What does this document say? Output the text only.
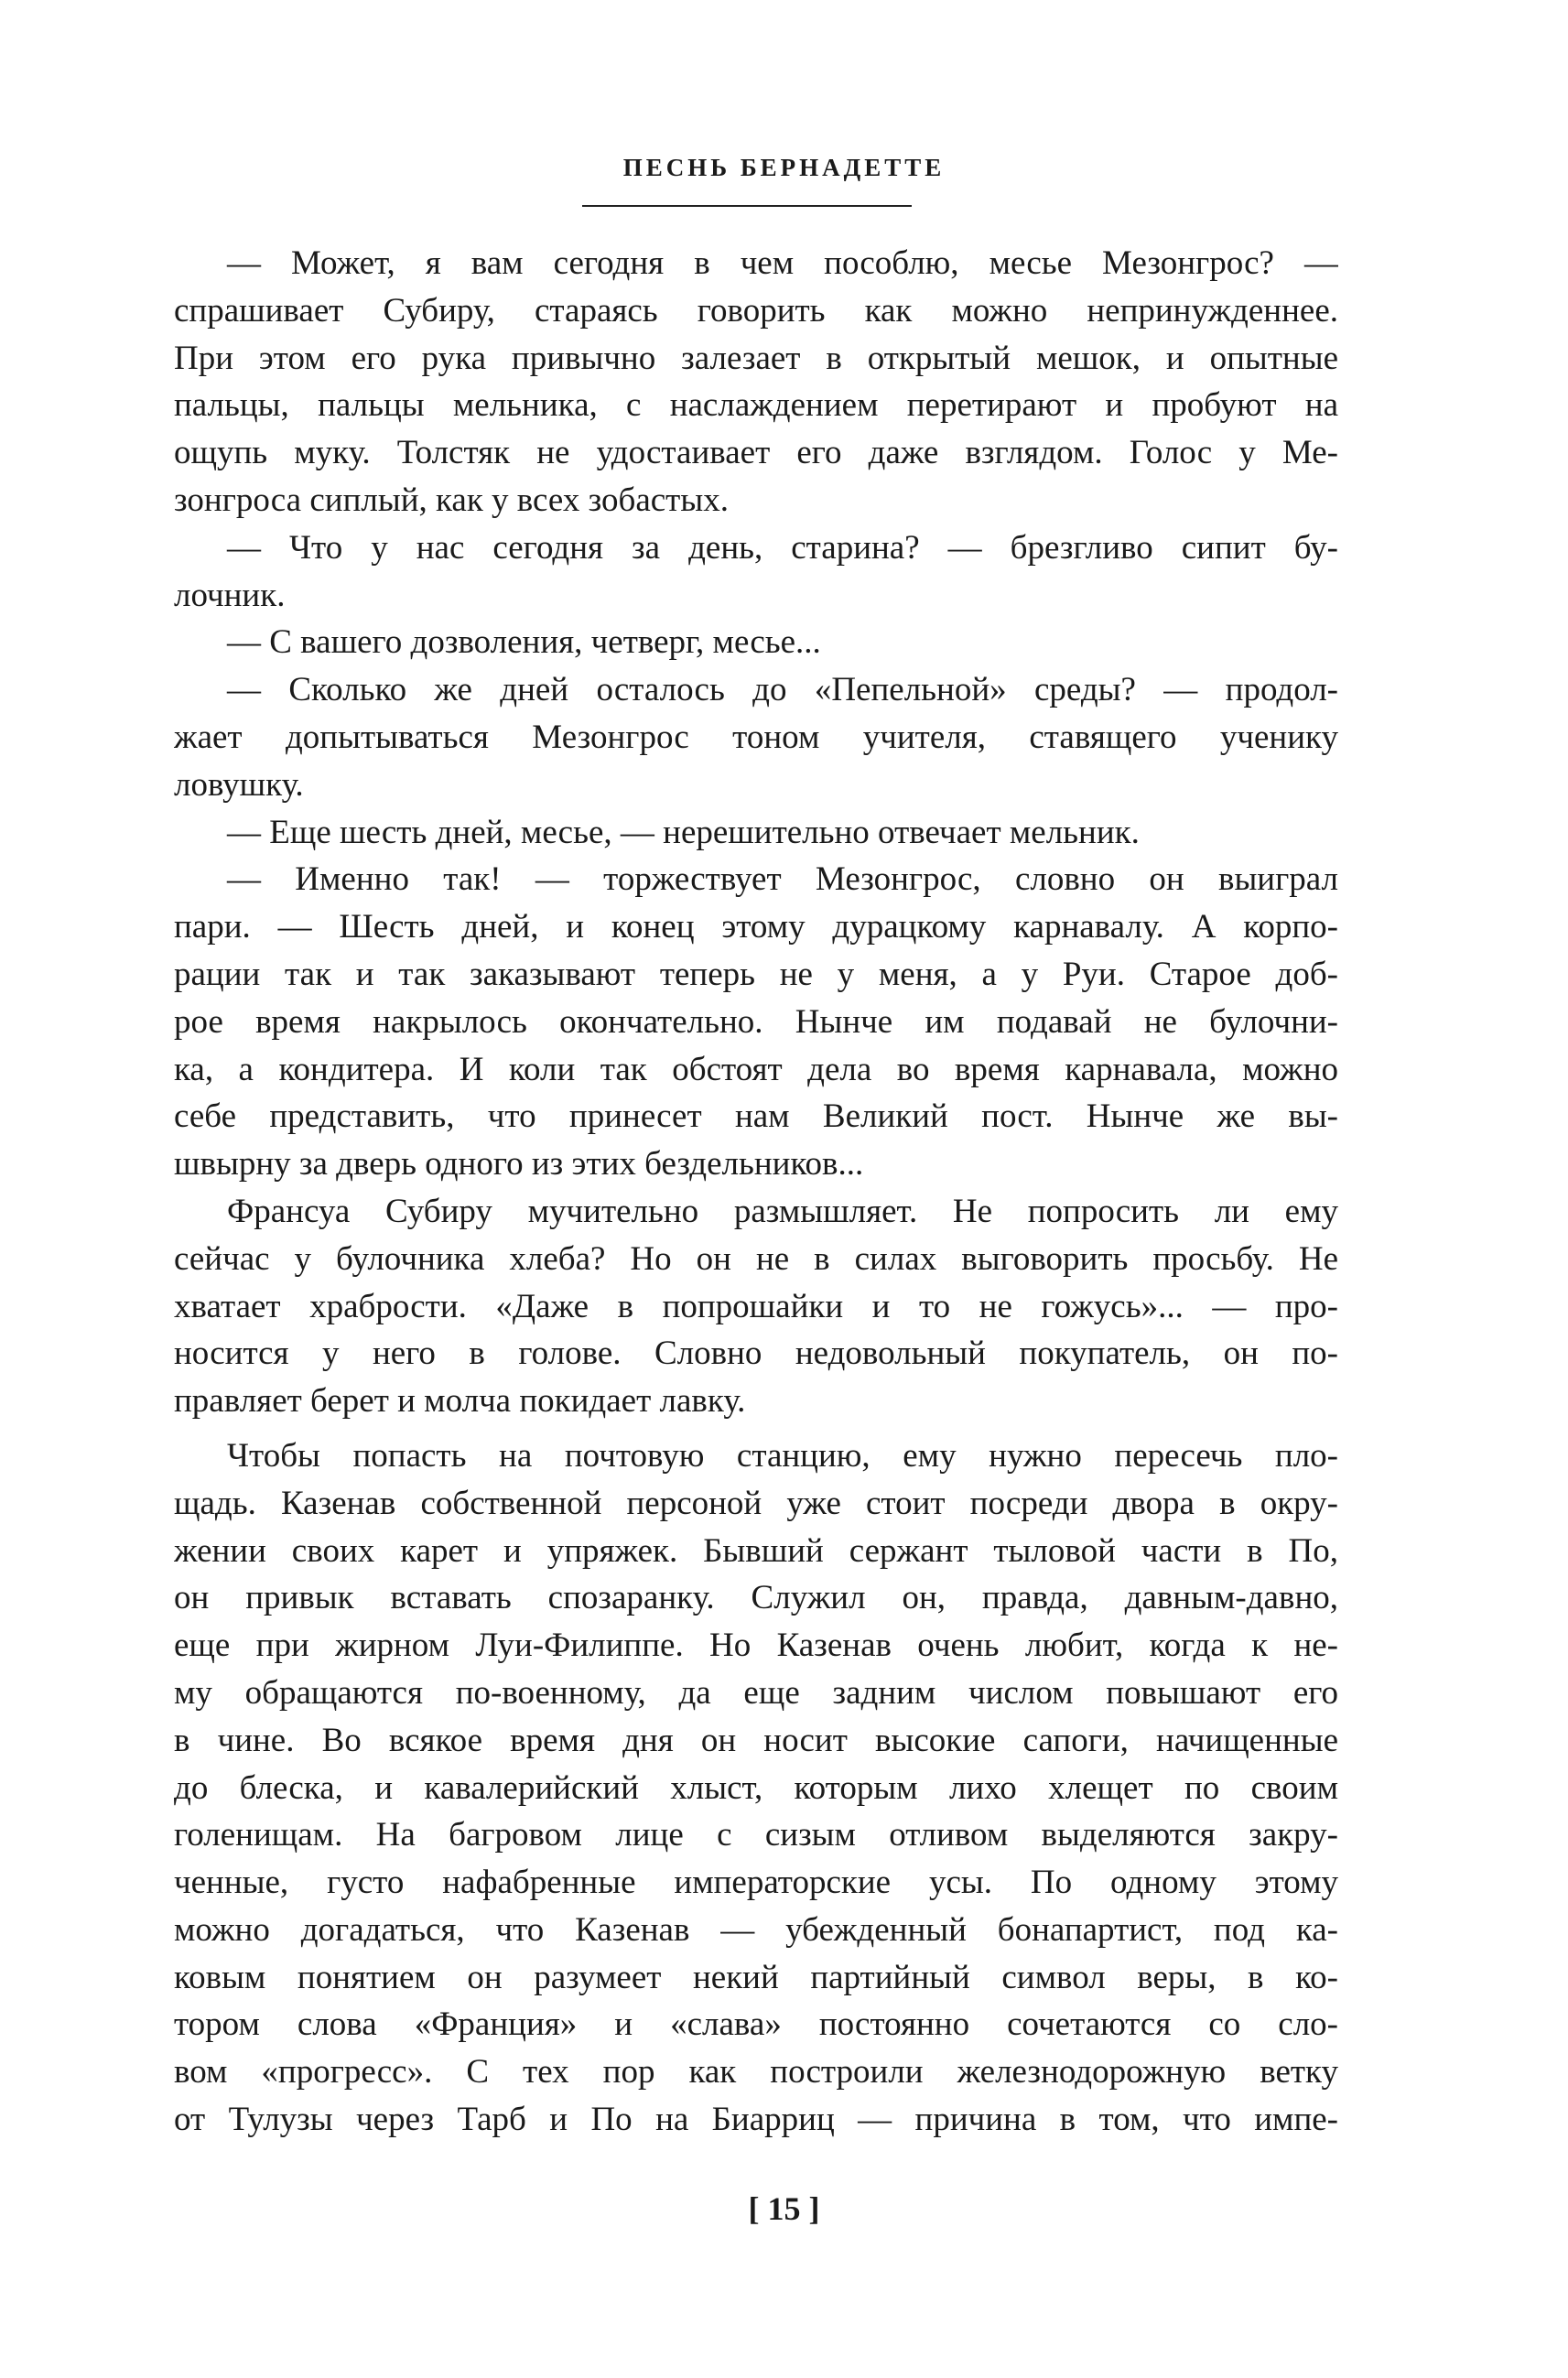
ПЕСНЬ БЕРНАДЕТТЕ
— Может, я вам сегодня в чем пособлю, месье Мезонгрос? —
спрашивает Субиру, стараясь говорить как можно непринужденнее.
При этом его рука привычно залезает в открытый мешок, и опытные
пальцы, пальцы мельника, с наслаждением перетирают и пробуют на
ощупь муку. Толстяк не удостаивает его даже взглядом. Голос у Ме-
зонгроса сиплый, как у всех зобастых.
— Что у нас сегодня за день, старина? — брезгливо сипит бу-
лочник.
— С вашего дозволения, четверг, месье...
— Сколько же дней осталось до «Пепельной» среды? — продол-
жает допытываться Мезонгрос тоном учителя, ставящего ученику
ловушку.
— Еще шесть дней, месье, — нерешительно отвечает мельник.
— Именно так! — торжествует Мезонгрос, словно он выиграл
пари. — Шесть дней, и конец этому дурацкому карнавалу. А корпо-
рации так и так заказывают теперь не у меня, а у Руи. Старое доб-
рое время накрылось окончательно. Нынче им подавай не булочни-
ка, а кондитера. И коли так обстоят дела во время карнавала, можно
себе представить, что принесет нам Великий пост. Нынче же вы-
швырну за дверь одного из этих бездельников...
Франсуа Субиру мучительно размышляет. Не попросить ли ему
сейчас у булочника хлеба? Но он не в силах выговорить просьбу. Не
хватает храбрости. «Даже в попрошайки и то не гожусь»... — про-
носится у него в голове. Словно недовольный покупатель, он по-
правляет берет и молча покидает лавку.
Чтобы попасть на почтовую станцию, ему нужно пересечь пло-
щадь. Казенав собственной персоной уже стоит посреди двора в окру-
жении своих карет и упряжек. Бывший сержант тыловой части в По,
он привык вставать спозаранку. Служил он, правда, давным-давно,
еще при жирном Луи-Филиппе. Но Казенав очень любит, когда к не-
му обращаются по-военному, да еще задним числом повышают его
в чине. Во всякое время дня он носит высокие сапоги, начищенные
до блеска, и кавалерийский хлыст, которым лихо хлещет по своим
голенищам. На багровом лице с сизым отливом выделяются закру-
ченные, густо нафабренные императорские усы. По одному этому
можно догадаться, что Казенав — убежденный бонапартист, под ка-
ковым понятием он разумеет некий партийный символ веры, в ко-
тором слова «Франция» и «слава» постоянно сочетаются со сло-
вом «прогресс». С тех пор как построили железнодорожную ветку
от Тулузы через Тарб и По на Биарриц — причина в том, что импе-
[ 15 ]
